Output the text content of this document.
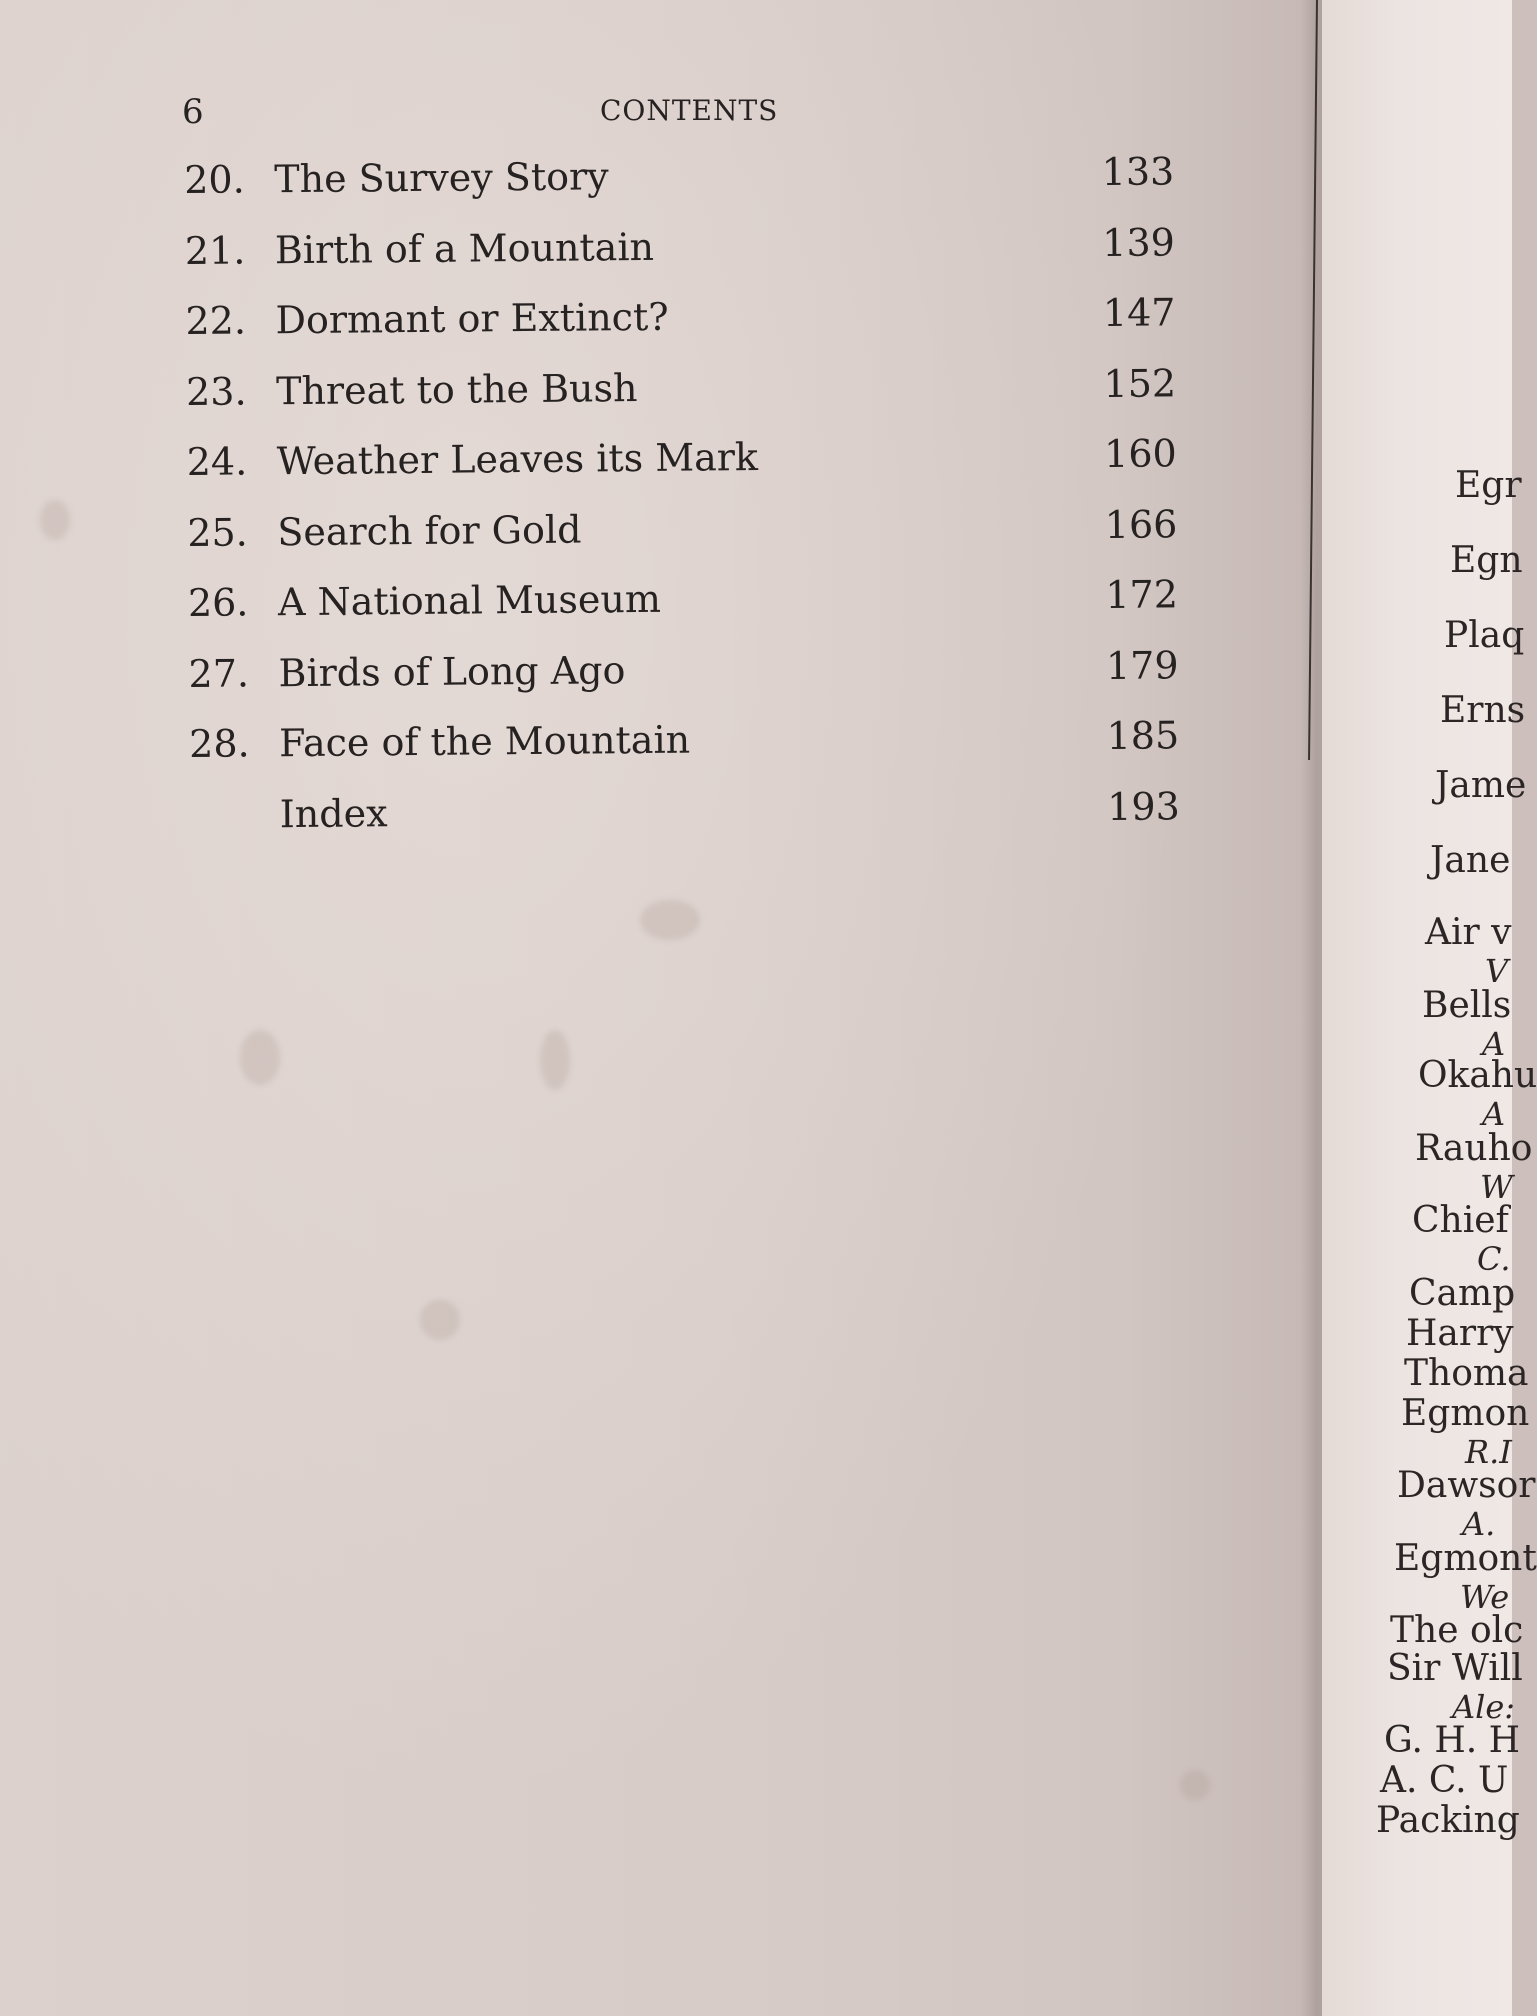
6	CONTENTS
20. The Survey Story	133
21. Birth of a Mountain	139
22. Dormant or Extinct?	147
23. Threat to the Bush	152
24. Weather Leaves its Mark	160
25. Search for Gold	166
26. A National Museum	172
27. Birds of Long Ago	179
28. Face of the Mountain	185
Index	193
Egr
Egn
Plaq
Erns
Jame
Jane
Air v
V
Bells
A
Okahu
A
Rauho
W
Chief
C.
Camp
Harry
Thoma
Egmon
R.I
Dawsor
A.
Egmont
We
The olc
Sir Will
Ale:
G. H. H
A. C. U
Packing
